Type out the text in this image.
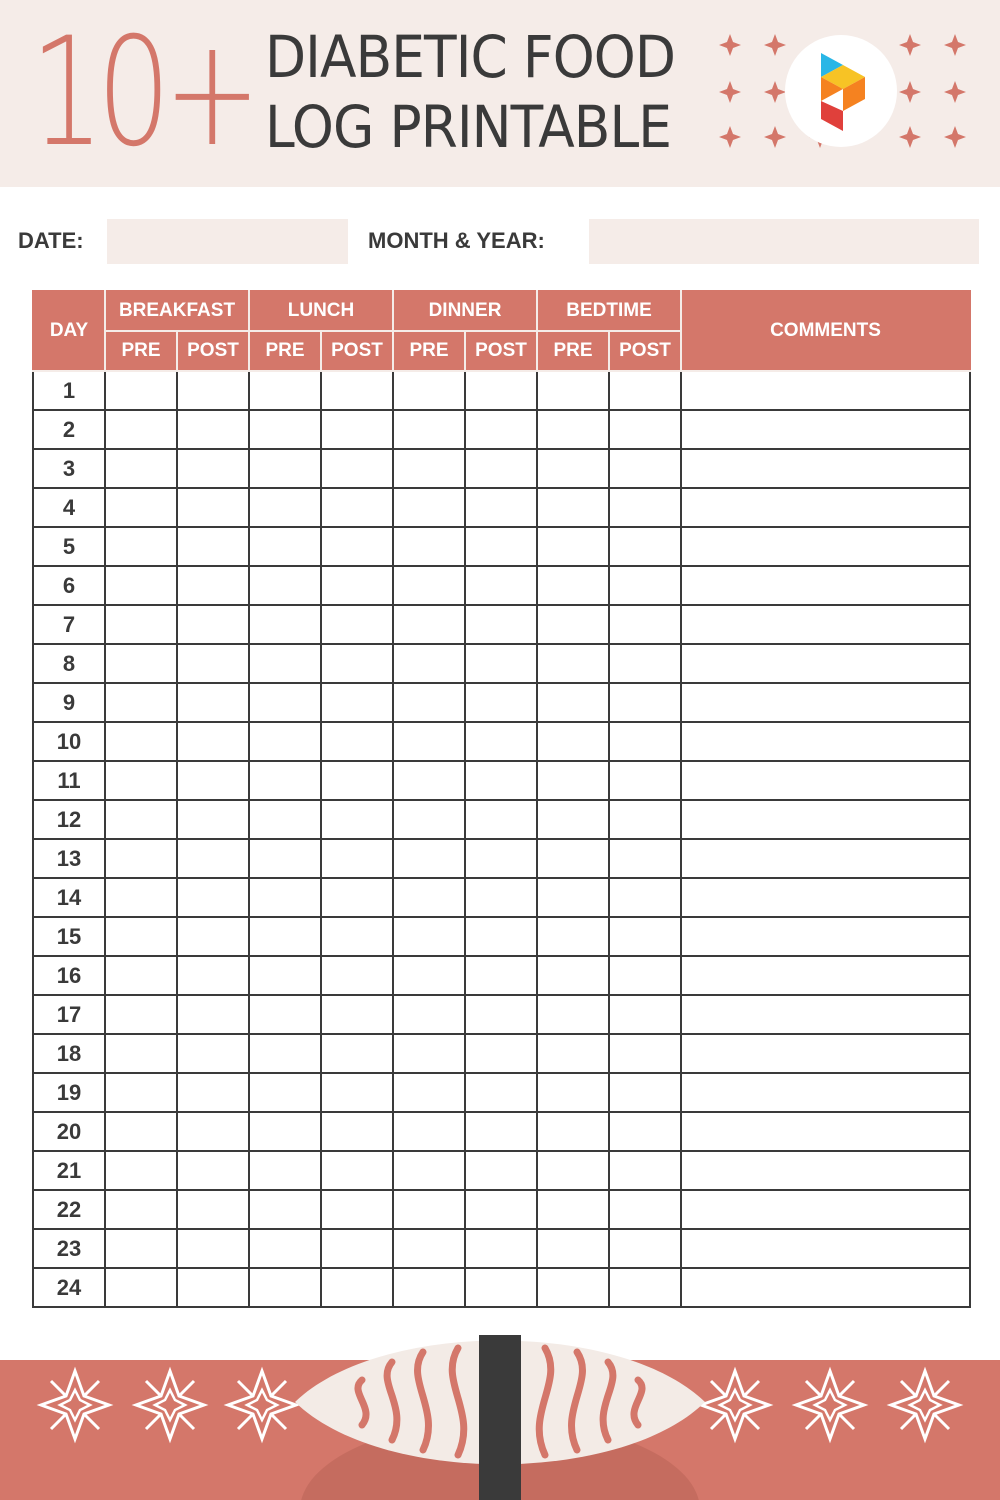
10+ DIABETIC FOOD
LOG PRINTABLE
DATE:	MONTH & YEAR:
DAY	BREAKFAST		LUNCH		DINNER		BEDTIME		COMMENTS
	PRE	POST	PRE	POST	PRE	POST	PRE	POST	
1									
2									
3									
4									
5									
6									
7									
8									
9									
10									
11									
12									
13									
14									
15									
16									
17									
18									
19									
20									
21									
22									
23									
24									
